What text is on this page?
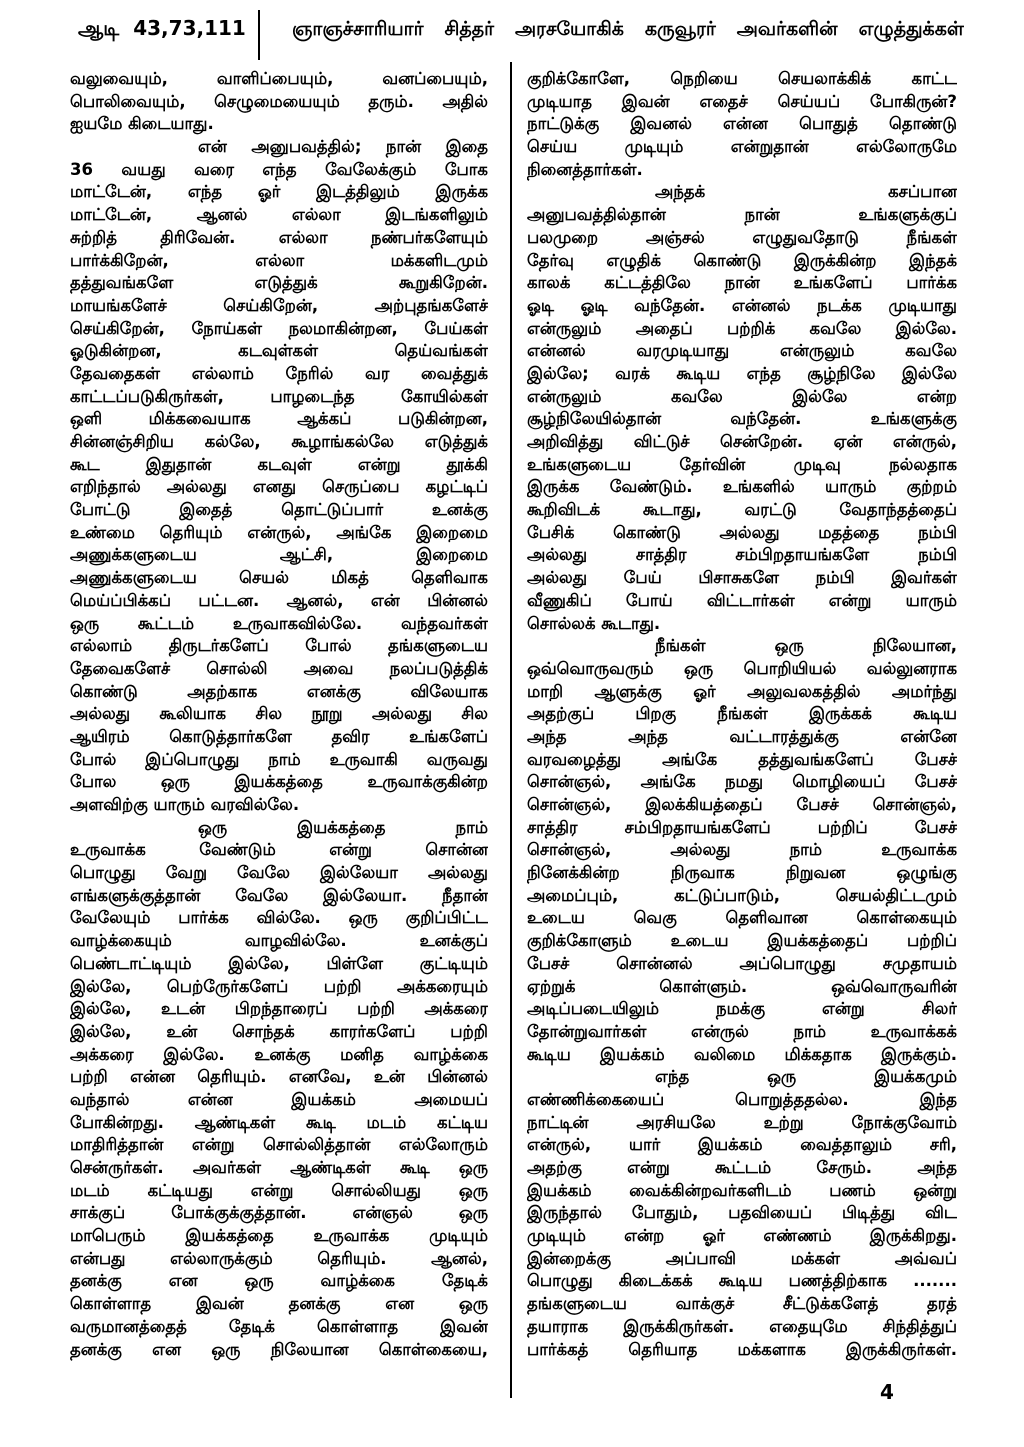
ஆடி 43,73,111 ஞாஞச்சாரியார் சித்தர் அரசயோகிக் கருவூரர் அவர்களின் எழுத்துக்கள்
வலுவையும், வாளிப்பையும், வனப்பையும்,
பொலிவையும், செழுமையையும் தரும். அதில்
ஐயமே கிடையாது.
என் அனுபவத்தில்; நான் இதை
36 வயது வரை எந்த வேலேக்கும் போக
மாட்டேன், எந்த ஓர் இடத்திலும் இருக்க
மாட்டேன், ஆனல் எல்லா இடங்களிலும்
சுற்றித் திரிவேன். எல்லா நண்பர்களேயும்
பார்க்கிறேன், எல்லா மக்களிடமும்
தத்துவங்களே எடுத்துக் கூறுகிறேன்.
மாயங்களேச் செய்கிறேன், அற்புதங்களேச்
செய்கிறேன், நோய்கள் நலமாகின்றன, பேய்கள்
ஓடுகின்றன, கடவுள்கள் தெய்வங்கள்
தேவதைகள் எல்லாம் நேரில் வர வைத்துக்
காட்டப்படுகிருர்கள், பாழடைந்த கோயில்கள்
ஒளி மிக்கவையாக ஆக்கப் படுகின்றன,
சின்னஞ்சிறிய கல்லே, கூழாங்கல்லே எடுத்துக்
கூட இதுதான் கடவுள் என்று தூக்கி
எறிந்தால் அல்லது எனது செருப்பை கழட்டிப்
போட்டு இதைத் தொட்டுப்பார் உனக்கு
உண்மை தெரியும் என்ருல், அங்கே இறைமை
அணுக்களுடைய ஆட்சி, இறைமை
அணுக்களுடைய செயல் மிகத் தெளிவாக
மெய்ப்பிக்கப் பட்டன. ஆனல், என் பின்னல்
ஒரு கூட்டம் உருவாகவில்லே. வந்தவர்கள்
எல்லாம் திருடர்களேப் போல் தங்களுடைய
தேவைகளேச் சொல்லி அவை நலப்படுத்திக்
கொண்டு அதற்காக எனக்கு விலேயாக
அல்லது கூலியாக சில நூறு அல்லது சில
ஆயிரம் கொடுத்தார்களே தவிர உங்களேப்
போல் இப்பொழுது நாம் உருவாகி வருவது
போல ஒரு இயக்கத்தை உருவாக்குகின்ற
அளவிற்கு யாரும் வரவில்லே.
ஒரு இயக்கத்தை நாம்
உருவாக்க வேண்டும் என்று சொன்ன
பொழுது வேறு வேலே இல்லேயா அல்லது
எங்களுக்குத்தான் வேலே இல்லேயா. நீதான்
வேலேயும் பார்க்க வில்லே. ஒரு குறிப்பிட்ட
வாழ்க்கையும் வாழவில்லே. உனக்குப்
பெண்டாட்டியும் இல்லே, பிள்ளே குட்டியும்
இல்லே, பெற்ருேர்களேப் பற்றி அக்கரையும்
இல்லே, உடன் பிறந்தாரைப் பற்றி அக்கரை
இல்லே, உன் சொந்தக் காரர்களேப் பற்றி
அக்கரை இல்லே. உனக்கு மனித வாழ்க்கை
பற்றி என்ன தெரியும். எனவே, உன் பின்னல்
வந்தால் என்ன இயக்கம் அமையப்
போகின்றது. ஆண்டிகள் கூடி மடம் கட்டிய
மாதிரித்தான் என்று சொல்லித்தான் எல்லோரும்
சென்ருர்கள். அவர்கள் ஆண்டிகள் கூடி ஒரு
மடம் கட்டியது என்று சொல்லியது ஒரு
சாக்குப் போக்குக்குத்தான். என்ஞல் ஒரு
மாபெரும் இயக்கத்தை உருவாக்க முடியும்
என்பது எல்லாருக்கும் தெரியும். ஆனல்,
தனக்கு என ஒரு வாழ்க்கை தேடிக்
கொள்ளாத இவன் தனக்கு என ஒரு
வருமானத்தைத் தேடிக் கொள்ளாத இவன்
தனக்கு என ஒரு நிலேயான கொள்கையை,
குறிக்கோளே, நெறியை செயலாக்கிக் காட்ட
முடியாத இவன் எதைச் செய்யப் போகிருன்?
நாட்டுக்கு இவனல் என்ன பொதுத் தொண்டு
செய்ய முடியும் என்றுதான் எல்லோருமே
நினைத்தார்கள்.
அந்தக் கசப்பான
அனுபவத்தில்தான் நான் உங்களுக்குப்
பலமுறை அஞ்சல் எழுதுவதோடு நீங்கள்
தேர்வு எழுதிக் கொண்டு இருக்கின்ற இந்தக்
காலக் கட்டத்திலே நான் உங்களேப் பார்க்க
ஓடி ஓடி வந்தேன். என்னல் நடக்க முடியாது
என்ருலும் அதைப் பற்றிக் கவலே இல்லே.
என்னல் வரமுடியாது என்ருலும் கவலே
இல்லே; வரக் கூடிய எந்த சூழ்நிலே இல்லே
என்ருலும் கவலே இல்லே என்ற
சூழ்நிலேயில்தான் வந்தேன். உங்களுக்கு
அறிவித்து விட்டுச் சென்றேன். ஏன் என்ருல்,
உங்களுடைய தேர்வின் முடிவு நல்லதாக
இருக்க வேண்டும். உங்களில் யாரும் குற்றம்
கூறிவிடக் கூடாது, வரட்டு வேதாந்தத்தைப்
பேசிக் கொண்டு அல்லது மதத்தை நம்பி
அல்லது சாத்திர சம்பிறதாயங்களே நம்பி
அல்லது பேய் பிசாசுகளே நம்பி இவர்கள்
வீணுகிப் போய் விட்டார்கள் என்று யாரும்
சொல்லக் கூடாது.
நீங்கள் ஒரு நிலேயான,
ஒவ்வொருவரும் ஒரு பொறியியல் வல்லுனராக
மாறி ஆளுக்கு ஓர் அலுவலகத்தில் அமர்ந்து
அதற்குப் பிறகு நீங்கள் இருக்கக் கூடிய
அந்த அந்த வட்டாரத்துக்கு என்னே
வரவழைத்து அங்கே தத்துவங்களேப் பேசச்
சொன்ஞல், அங்கே நமது மொழியைப் பேசச்
சொன்ஞல், இலக்கியத்தைப் பேசச் சொன்ஞல்,
சாத்திர சம்பிறதாயங்களேப் பற்றிப் பேசச்
சொன்ஞல், அல்லது நாம் உருவாக்க
நினேக்கின்ற நிருவாக நிறுவன ஒழுங்கு
அமைப்பும், கட்டுப்பாடும், செயல்திட்டமும்
உடைய வெகு தெளிவான கொள்கையும்
குறிக்கோளும் உடைய இயக்கத்தைப் பற்றிப்
பேசச் சொன்னல் அப்பொழுது சமுதாயம்
ஏற்றுக் கொள்ளும். ஒவ்வொருவரின்
அடிப்படையிலும் நமக்கு என்று சிலர்
தோன்றுவார்கள் என்ருல் நாம் உருவாக்கக்
கூடிய இயக்கம் வலிமை மிக்கதாக இருக்கும்.
எந்த ஒரு இயக்கமும்
எண்ணிக்கையைப் பொறுத்ததல்ல. இந்த
நாட்டின் அரசியலே உற்று நோக்குவோம்
என்ருல், யார் இயக்கம் வைத்தாலும் சரி,
அதற்கு என்று கூட்டம் சேரும். அந்த
இயக்கம் வைக்கின்றவர்களிடம் பணம் ஒன்று
இருந்தால் போதும், பதவியைப் பிடித்து விட
முடியும் என்ற ஓர் எண்ணம் இருக்கிறது.
இன்றைக்கு அப்பாவி மக்கள் அவ்வப்
பொழுது கிடைக்கக் கூடிய பணத்திற்காக .......
தங்களுடைய வாக்குச் சீட்டுக்களேத் தரத்
தயாராக இருக்கிருர்கள். எதையுமே சிந்தித்துப்
பார்க்கத் தெரியாத மக்களாக இருக்கிருர்கள்.
4
